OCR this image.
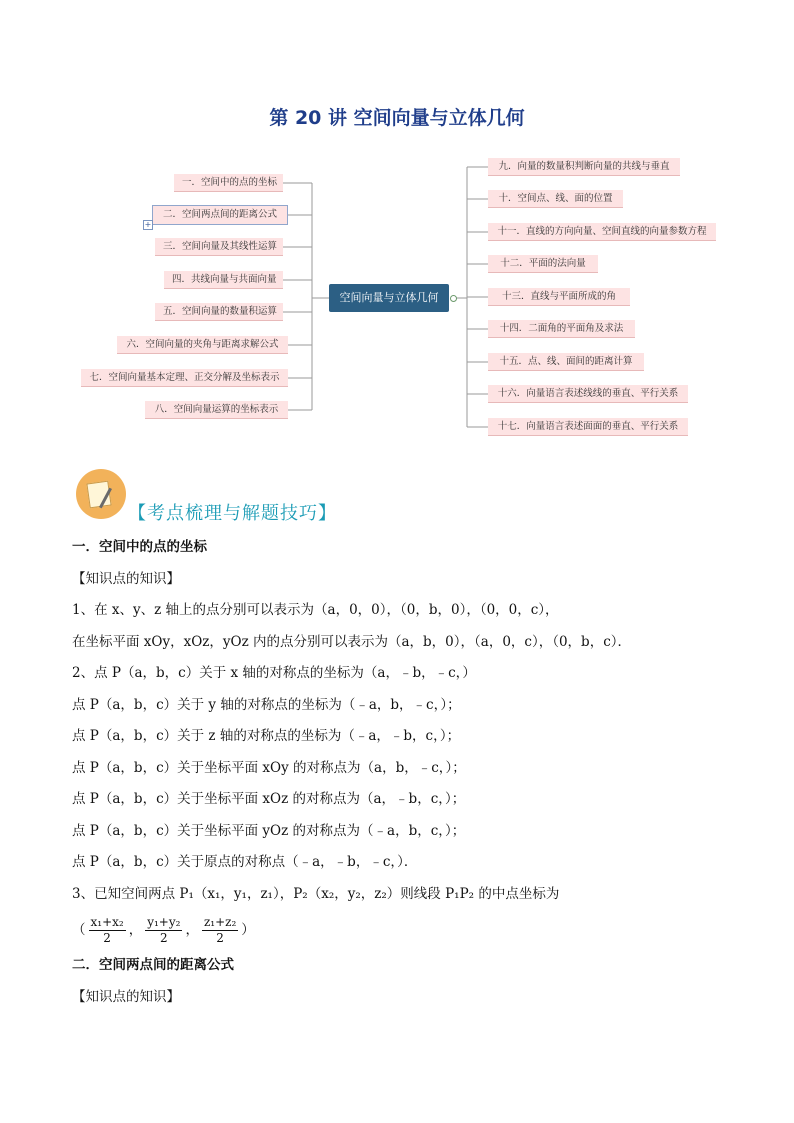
第 20 讲 空间向量与立体几何
一．空间中的点的坐标
二．空间两点间的距离公式
三．空间向量及其线性运算
四．共线向量与共面向量
五．空间向量的数量积运算
六．空间向量的夹角与距离求解公式
七．空间向量基本定理、正交分解及坐标表示
八．空间向量运算的坐标表示
+
空间向量与立体几何
九．向量的数量积判断向量的共线与垂直
十．空间点、线、面的位置
十一．直线的方向向量、空间直线的向量参数方程
十二．平面的法向量
十三．直线与平面所成的角
十四．二面角的平面角及求法
十五．点、线、面间的距离计算
十六．向量语言表述线线的垂直、平行关系
十七．向量语言表述面面的垂直、平行关系
【考点梳理与解题技巧】
一．空间中的点的坐标
【知识点的知识】
1、在 x、y、z 轴上的点分别可以表示为（a，0，0），（0，b，0），（0，0，c），
在坐标平面 xOy，xOz，yOz 内的点分别可以表示为（a，b，0），（a，0，c），（0，b，c）．
2、点 P（a，b，c）关于 x 轴的对称点的坐标为（a，﹣b，﹣c，）
点 P（a，b，c）关于 y 轴的对称点的坐标为（﹣a，b，﹣c，）；
点 P（a，b，c）关于 z 轴的对称点的坐标为（﹣a，﹣b，c，）；
点 P（a，b，c）关于坐标平面 xOy 的对称点为（a，b，﹣c，）；
点 P（a，b，c）关于坐标平面 xOz 的对称点为（a，﹣b，c，）；
点 P（a，b，c）关于坐标平面 yOz 的对称点为（﹣a，b，c，）；
点 P（a，b，c）关于原点的对称点（﹣a，﹣b，﹣c，）．
3、已知空间两点 P₁（x₁，y₁，z₁），P₂（x₂，y₂，z₂）则线段 P₁P₂ 的中点坐标为
（ $\frac{\text{x₁+x₂}}{2}$ ， $\frac{\text{y₁+y₂}}{2}$ ， $\frac{\text{z₁+z₂}}{2}$ ）
二．空间两点间的距离公式
【知识点的知识】
